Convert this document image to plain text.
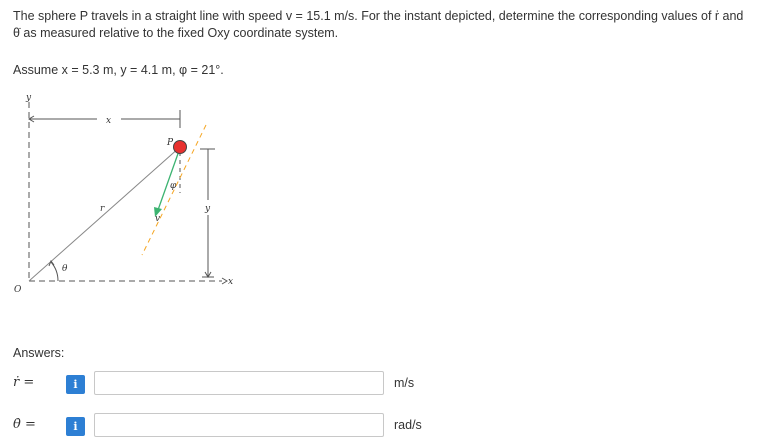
The sphere P travels in a straight line with speed v = 15.1 m/s. For the instant depicted, determine the corresponding values of ṙ and θ̇ as measured relative to the fixed Oxy coordinate system.
Assume x = 5.3 m, y = 4.1 m, φ = 21°.
y
x
O
x
y
r
θ
φ
v
P
Answers:
ṙ =	i	m/s
θ̇ =	i	rad/s
